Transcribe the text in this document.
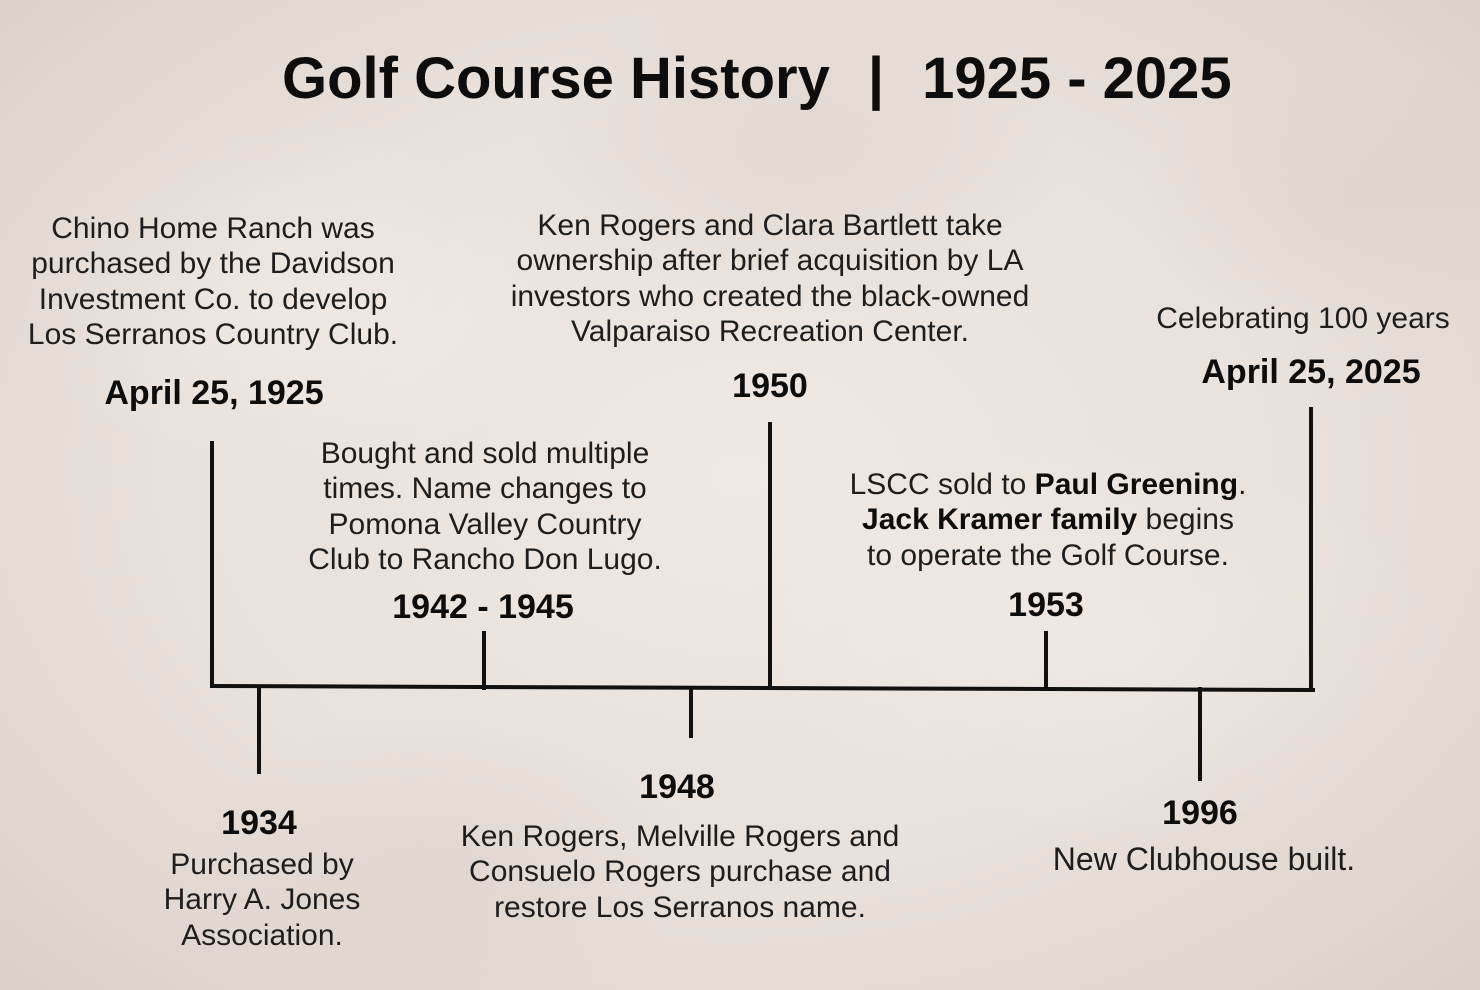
Golf Course History | 1925 - 2025
Chino Home Ranch was
purchased by the Davidson
Investment Co. to develop
Los Serranos Country Club.
April 25, 1925
1934
Purchased by
Harry A. Jones
Association.
Bought and sold multiple
times. Name changes to
Pomona Valley Country
Club to Rancho Don Lugo.
1942 - 1945
1948
Ken Rogers, Melville Rogers and
Consuelo Rogers purchase and
restore Los Serranos name.
Ken Rogers and Clara Bartlett take
ownership after brief acquisition by LA
investors who created the black-owned
Valparaiso Recreation Center.
1950
LSCC sold to Paul Greening.
Jack Kramer family begins
to operate the Golf Course.
1953
1996
New Clubhouse built.
Celebrating 100 years
April 25, 2025
